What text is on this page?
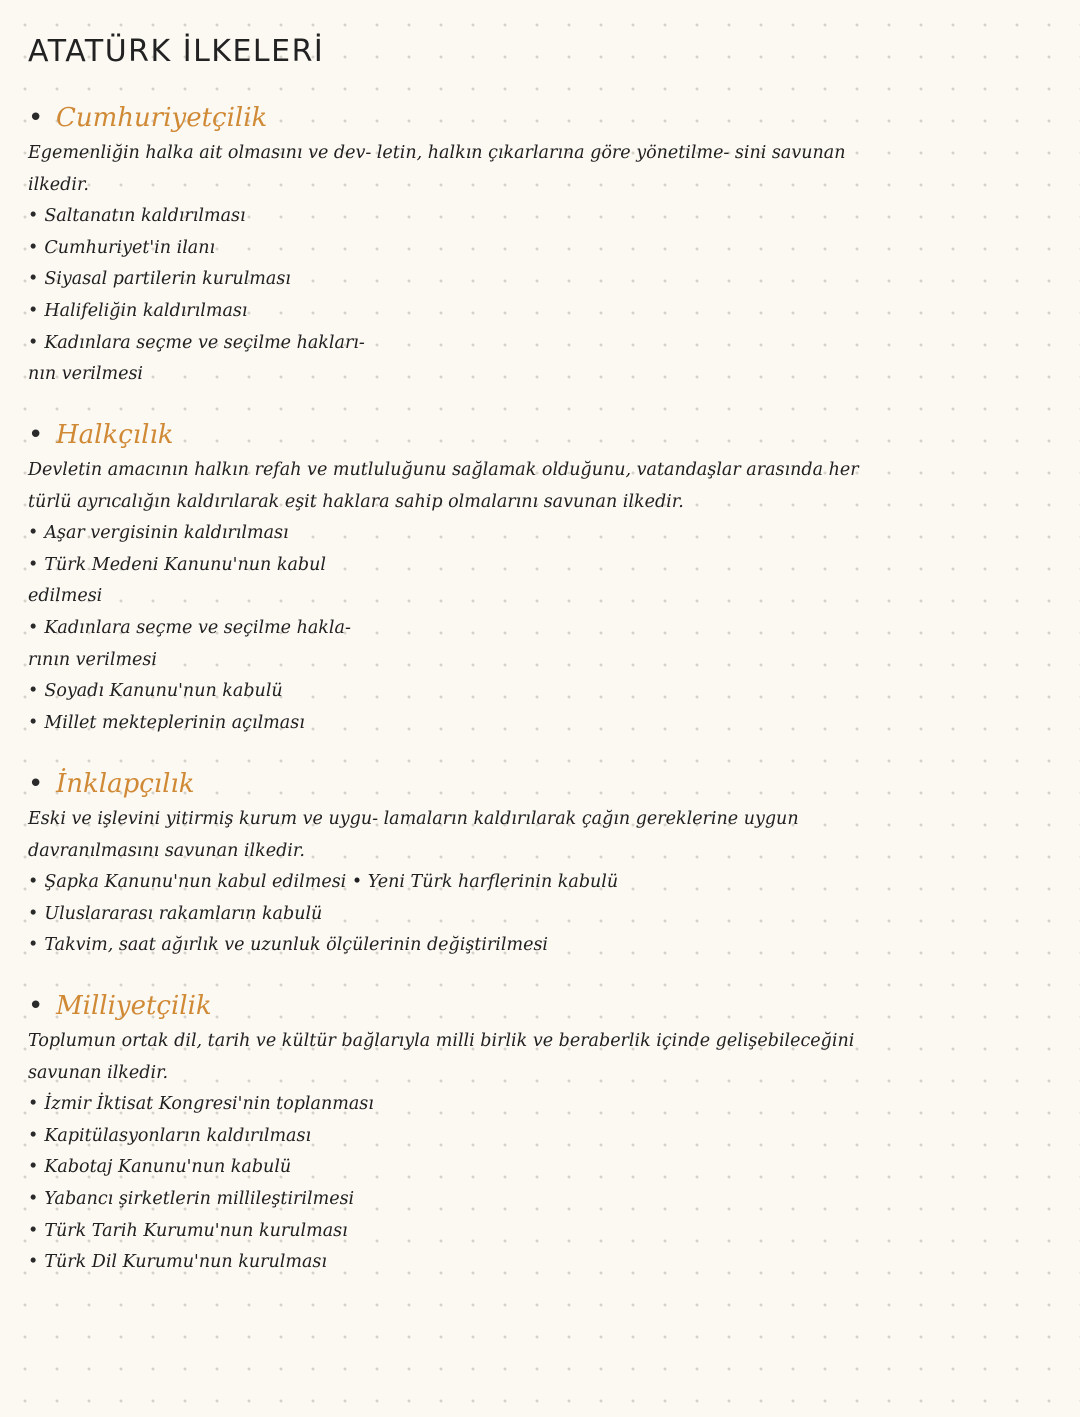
ATATÜRK İLKELERİ
• Cumhuriyetçilik
Egemenliğin halka ait olmasını ve dev- letin, halkın çıkarlarına göre yönetilme- sini savunan
ilkedir.
• Saltanatın kaldırılması
• Cumhuriyet'in ilanı
• Siyasal partilerin kurulması
• Halifeliğin kaldırılması
• Kadınlara seçme ve seçilme hakları-
nın verilmesi
• Halkçılık
Devletin amacının halkın refah ve mutluluğunu sağlamak olduğunu, vatandaşlar arasında her
türlü ayrıcalığın kaldırılarak eşit haklara sahip olmalarını savunan ilkedir.
• Aşar vergisinin kaldırılması
• Türk Medeni Kanunu'nun kabul
edilmesi
• Kadınlara seçme ve seçilme hakla-
rının verilmesi
• Soyadı Kanunu'nun kabulü
• Millet mekteplerinin açılması
• İnklapçılık
Eski ve işlevini yitirmiş kurum ve uygu- lamaların kaldırılarak çağın gereklerine uygun
davranılmasını savunan ilkedir.
• Şapka Kanunu'nun kabul edilmesi • Yeni Türk harflerinin kabulü
• Uluslararası rakamların kabulü
• Takvim, saat ağırlık ve uzunluk ölçülerinin değiştirilmesi
• Milliyetçilik
Toplumun ortak dil, tarih ve kültür bağlarıyla milli birlik ve beraberlik içinde gelişebileceğini
savunan ilkedir.
• İzmir İktisat Kongresi'nin toplanması
• Kapitülasyonların kaldırılması
• Kabotaj Kanunu'nun kabulü
• Yabancı şirketlerin millileştirilmesi
• Türk Tarih Kurumu'nun kurulması
• Türk Dil Kurumu'nun kurulması
